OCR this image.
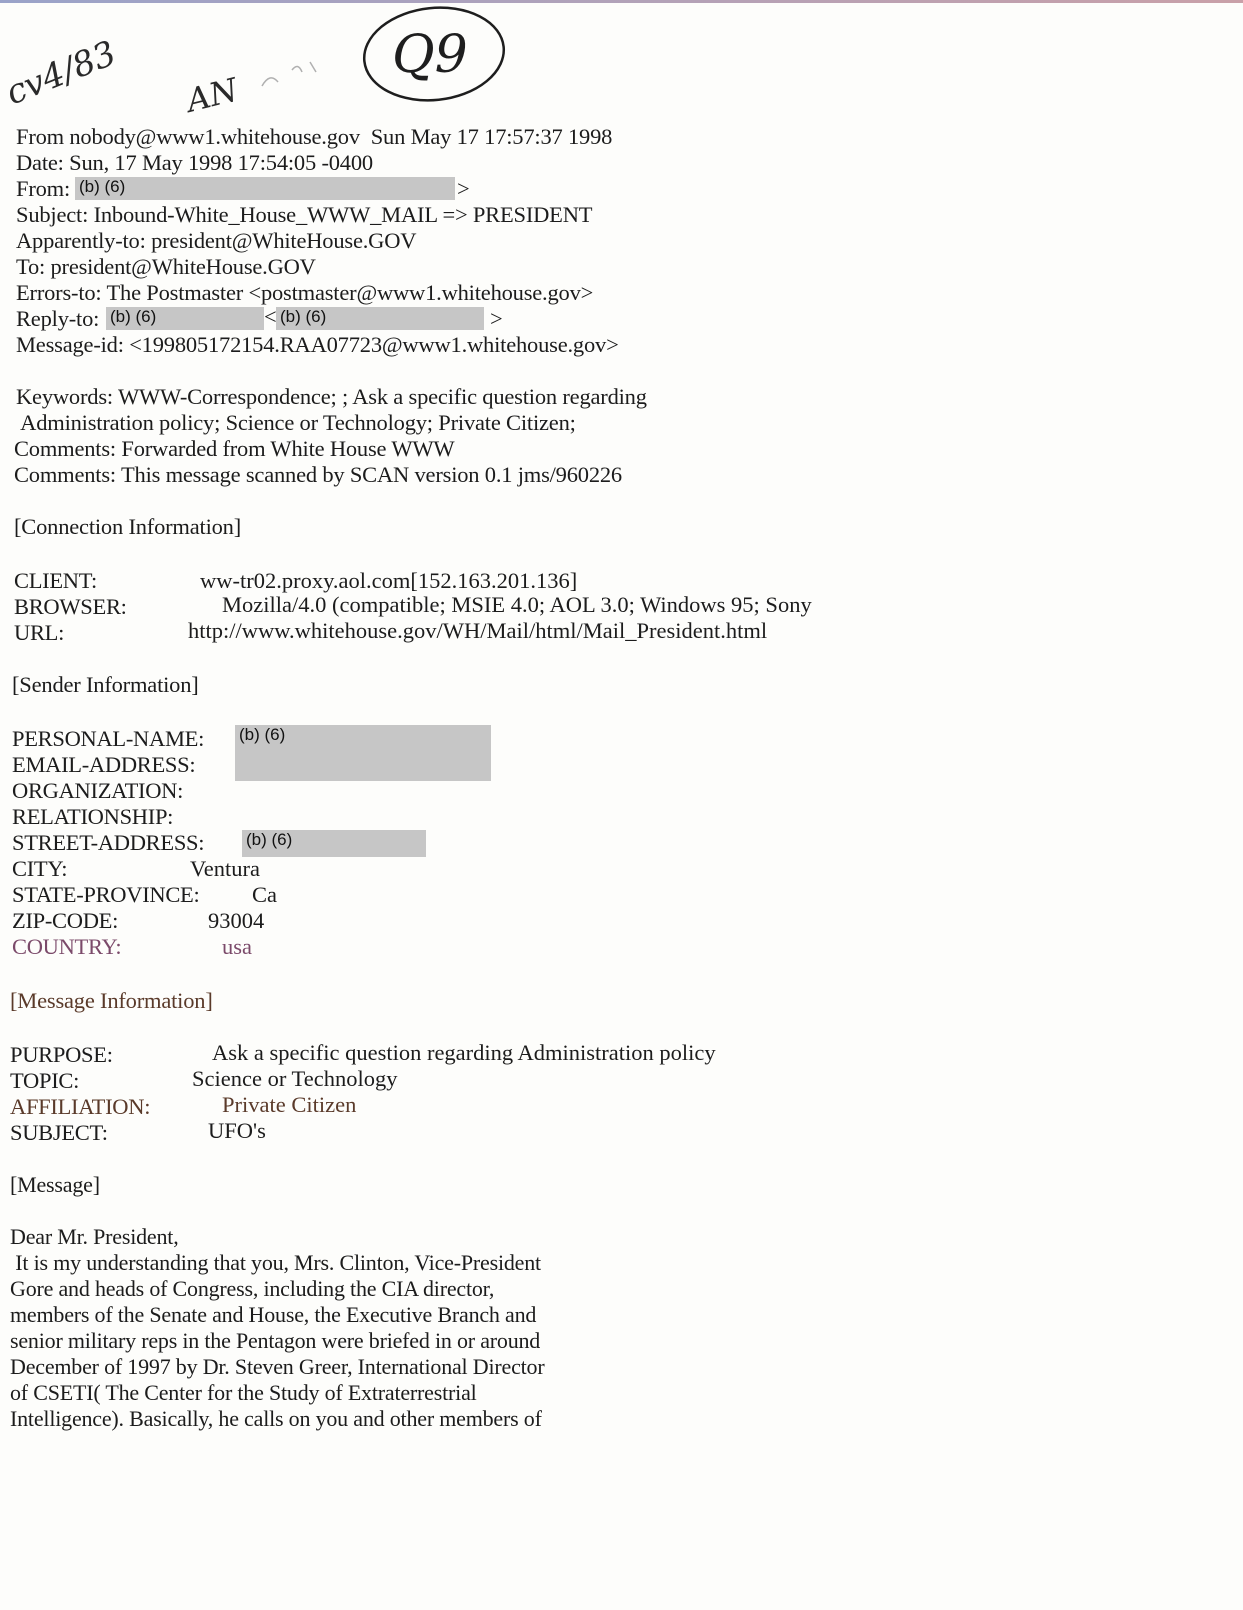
cv4/83 AN
Q9
From nobody@www1.whitehouse.gov  Sun May 17 17:57:37 1998
Date: Sun, 17 May 1998 17:54:05 -0400
From: (b) (6)	>
Subject: Inbound-White_House_WWW_MAIL => PRESIDENT
Apparently-to: president@WhiteHouse.GOV
To: president@WhiteHouse.GOV
Errors-to: The Postmaster <postmaster@www1.whitehouse.gov>
Reply-to: (b) (6)	< (b) (6)	>
Message-id: <199805172154.RAA07723@www1.whitehouse.gov>
Keywords: WWW-Correspondence; ; Ask a specific question regarding
Administration policy; Science or Technology; Private Citizen;
Comments: Forwarded from White House WWW
Comments: This message scanned by SCAN version 0.1 jms/960226
[Connection Information]
CLIENT:	ww-tr02.proxy.aol.com[152.163.201.136]
BROWSER:	Mozilla/4.0 (compatible; MSIE 4.0; AOL 3.0; Windows 95; Sony
URL:	http://www.whitehouse.gov/WH/Mail/html/Mail_President.html
[Sender Information]
PERSONAL-NAME: (b) (6)
EMAIL-ADDRESS:
ORGANIZATION:
RELATIONSHIP:
STREET-ADDRESS: (b) (6)
CITY:	Ventura
STATE-PROVINCE: Ca
ZIP-CODE:	93004
COUNTRY:	usa
[Message Information]
PURPOSE:	Ask a specific question regarding Administration policy
TOPIC:	Science or Technology
AFFILIATION:	Private Citizen
SUBJECT:	UFO's
[Message]
Dear Mr. President,
It is my understanding that you, Mrs. Clinton, Vice-President
Gore and heads of Congress, including the CIA director,
members of the Senate and House, the Executive Branch and
senior military reps in the Pentagon were briefed in or around
December of 1997 by Dr. Steven Greer, International Director
of CSETI( The Center for the Study of Extraterrestrial
Intelligence). Basically, he calls on you and other members of
